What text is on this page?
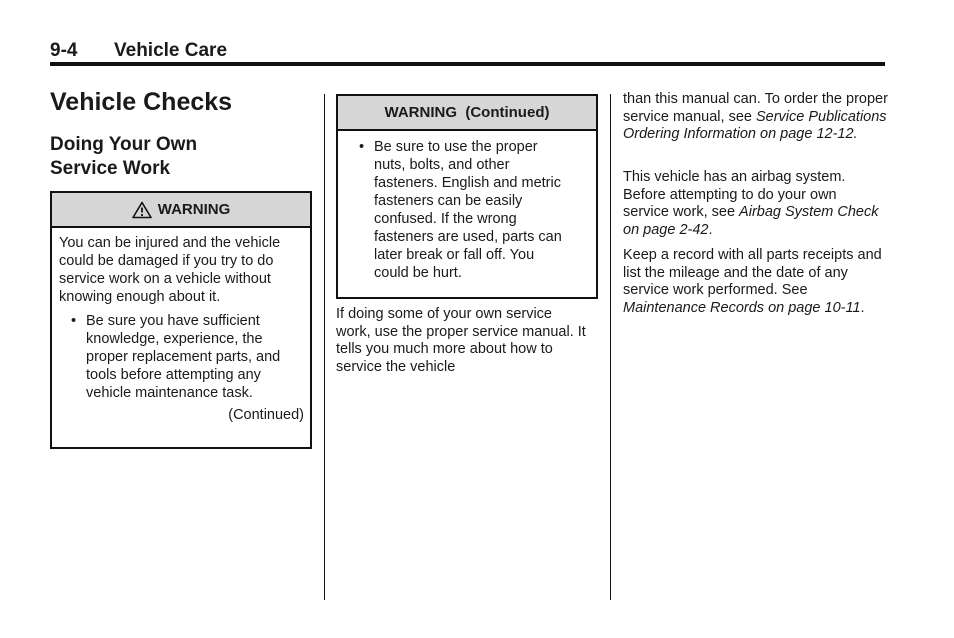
9-4 Vehicle Care
Vehicle Checks
Doing Your Own
Service Work
WARNING
You can be injured and the vehicle could be damaged if you try to do service work on a vehicle without knowing enough about it.
• Be sure you have sufficient knowledge, experience, the proper replacement parts, and tools before attempting any vehicle maintenance task.
(Continued)
WARNING  (Continued)
• Be sure to use the proper nuts, bolts, and other fasteners. English and metric fasteners can be easily confused. If the wrong fasteners are used, parts can later break or fall off. You could be hurt.

If doing some of your own service work, use the proper service manual. It tells you much more about how to service the vehicle

than this manual can. To order the proper service manual, see Service Publications Ordering Information on page 12-12.

This vehicle has an airbag system. Before attempting to do your own service work, see Airbag System Check on page 2-42.

Keep a record with all parts receipts and list the mileage and the date of any service work performed. See Maintenance Records on page 10-11.
